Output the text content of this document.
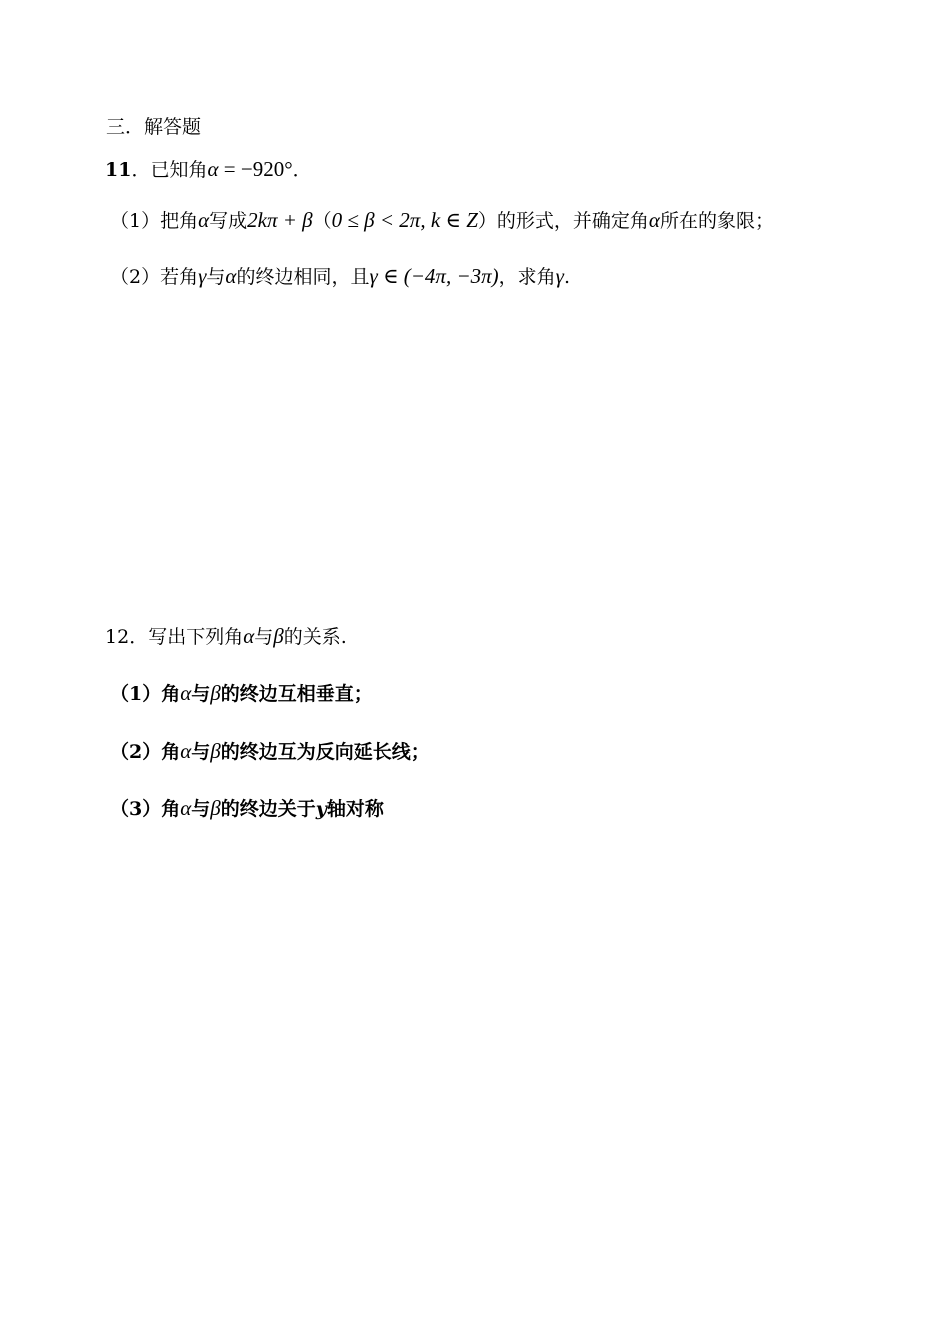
三．解答题
11．已知角α = −920°．
（1）把角α写成2kπ + β（0 ≤ β < 2π, k ∈ Z）的形式，并确定角α所在的象限；
（2）若角γ与α的终边相同，且γ ∈ (−4π, −3π)，求角γ.
12．写出下列角α与β的关系.
（1）角α与β的终边互相垂直；
（2）角α与β的终边互为反向延长线；
（3）角α与β的终边关于y轴对称
